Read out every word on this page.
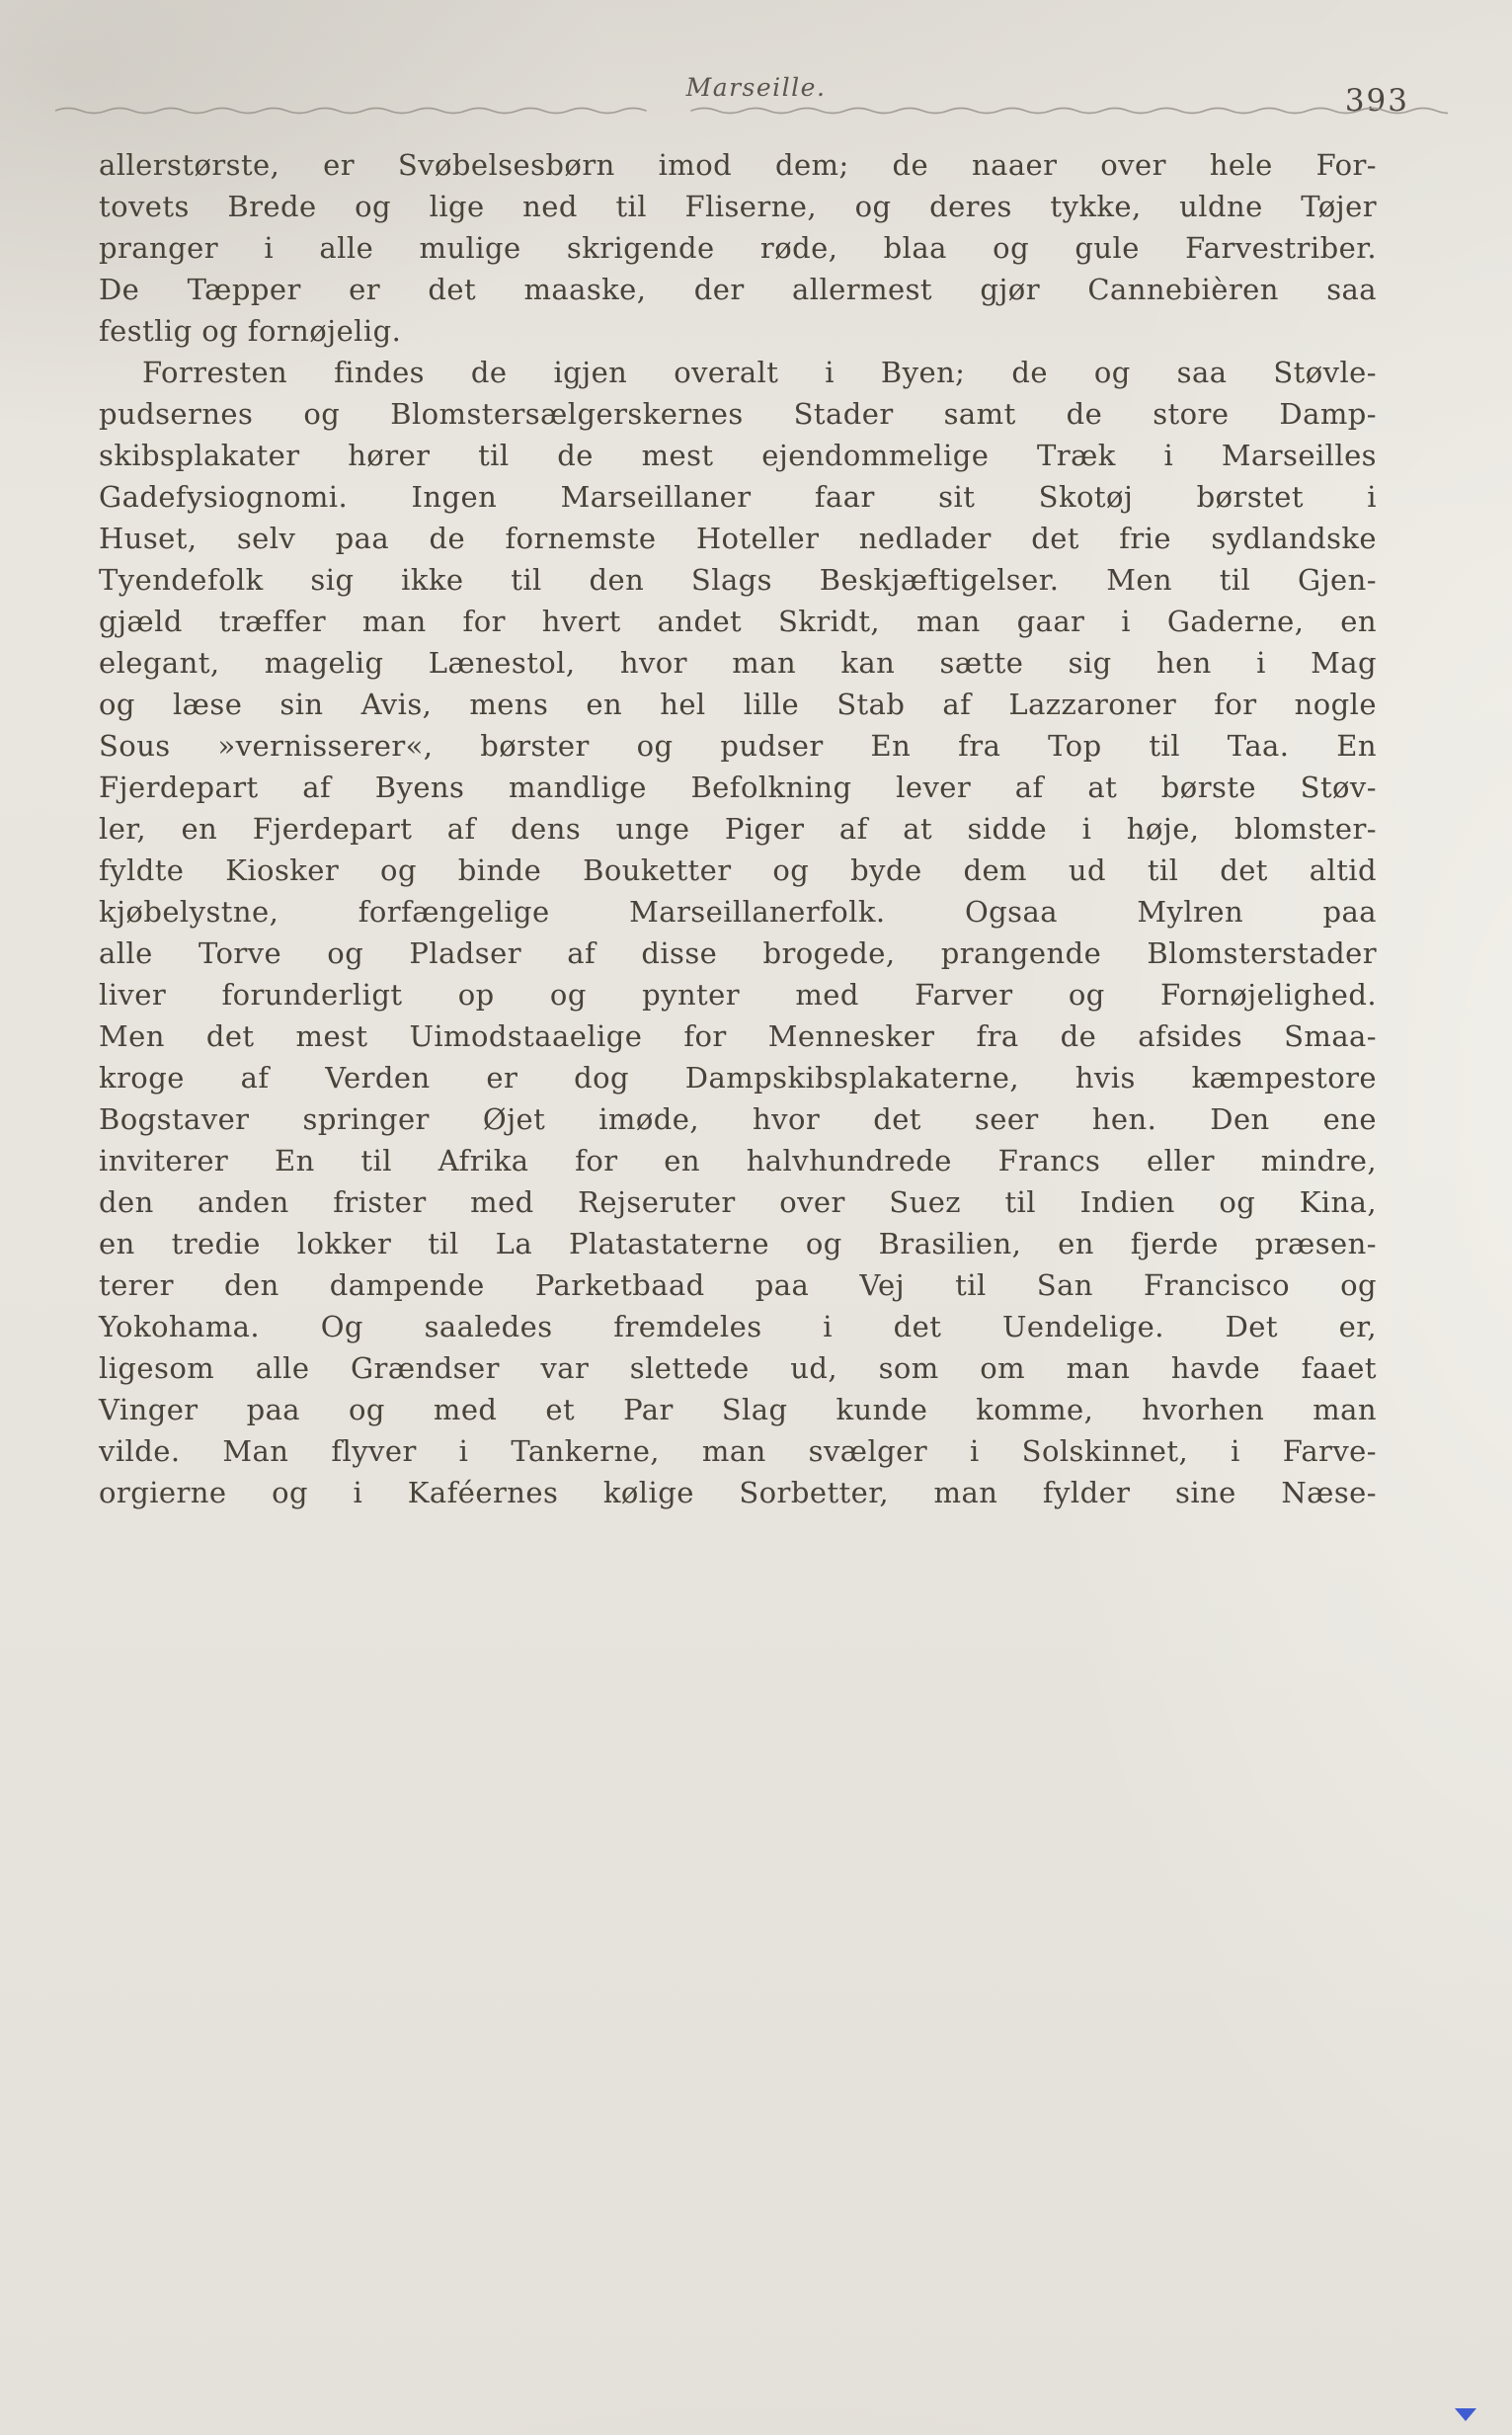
Marseille.	393
allerstørste, er Svøbelsesbørn imod dem; de naaer over hele For-
tovets Brede og lige ned til Fliserne, og deres tykke, uldne Tøjer
pranger i alle mulige skrigende røde, blaa og gule Farvestriber.
De Tæpper er det maaske, der allermest gjør Cannebièren saa
festlig og fornøjelig.
Forresten findes de igjen overalt i Byen; de og saa Støvle-
pudsernes og Blomstersælgerskernes Stader samt de store Damp-
skibsplakater hører til de mest ejendommelige Træk i Marseilles
Gadefysiognomi. Ingen Marseillaner faar sit Skotøj børstet i
Huset, selv paa de fornemste Hoteller nedlader det frie sydlandske
Tyendefolk sig ikke til den Slags Beskjæftigelser. Men til Gjen-
gjæld træffer man for hvert andet Skridt, man gaar i Gaderne, en
elegant, magelig Lænestol, hvor man kan sætte sig hen i Mag
og læse sin Avis, mens en hel lille Stab af Lazzaroner for nogle
Sous »vernisserer«, børster og pudser En fra Top til Taa. En
Fjerdepart af Byens mandlige Befolkning lever af at børste Støv-
ler, en Fjerdepart af dens unge Piger af at sidde i høje, blomster-
fyldte Kiosker og binde Bouketter og byde dem ud til det altid
kjøbelystne, forfængelige Marseillanerfolk. Ogsaa Mylren paa
alle Torve og Pladser af disse brogede, prangende Blomsterstader
liver forunderligt op og pynter med Farver og Fornøjelighed.
Men det mest Uimodstaaelige for Mennesker fra de afsides Smaa-
kroge af Verden er dog Dampskibsplakaterne, hvis kæmpestore
Bogstaver springer Øjet imøde, hvor det seer hen. Den ene
inviterer En til Afrika for en halvhundrede Francs eller mindre,
den anden frister med Rejseruter over Suez til Indien og Kina,
en tredie lokker til La Platastaterne og Brasilien, en fjerde præsen-
terer den dampende Parketbaad paa Vej til San Francisco og
Yokohama. Og saaledes fremdeles i det Uendelige. Det er,
ligesom alle Grændser var slettede ud, som om man havde faaet
Vinger paa og med et Par Slag kunde komme, hvorhen man
vilde. Man flyver i Tankerne, man svælger i Solskinnet, i Farve-
orgierne og i Kaféernes kølige Sorbetter, man fylder sine Næse-
